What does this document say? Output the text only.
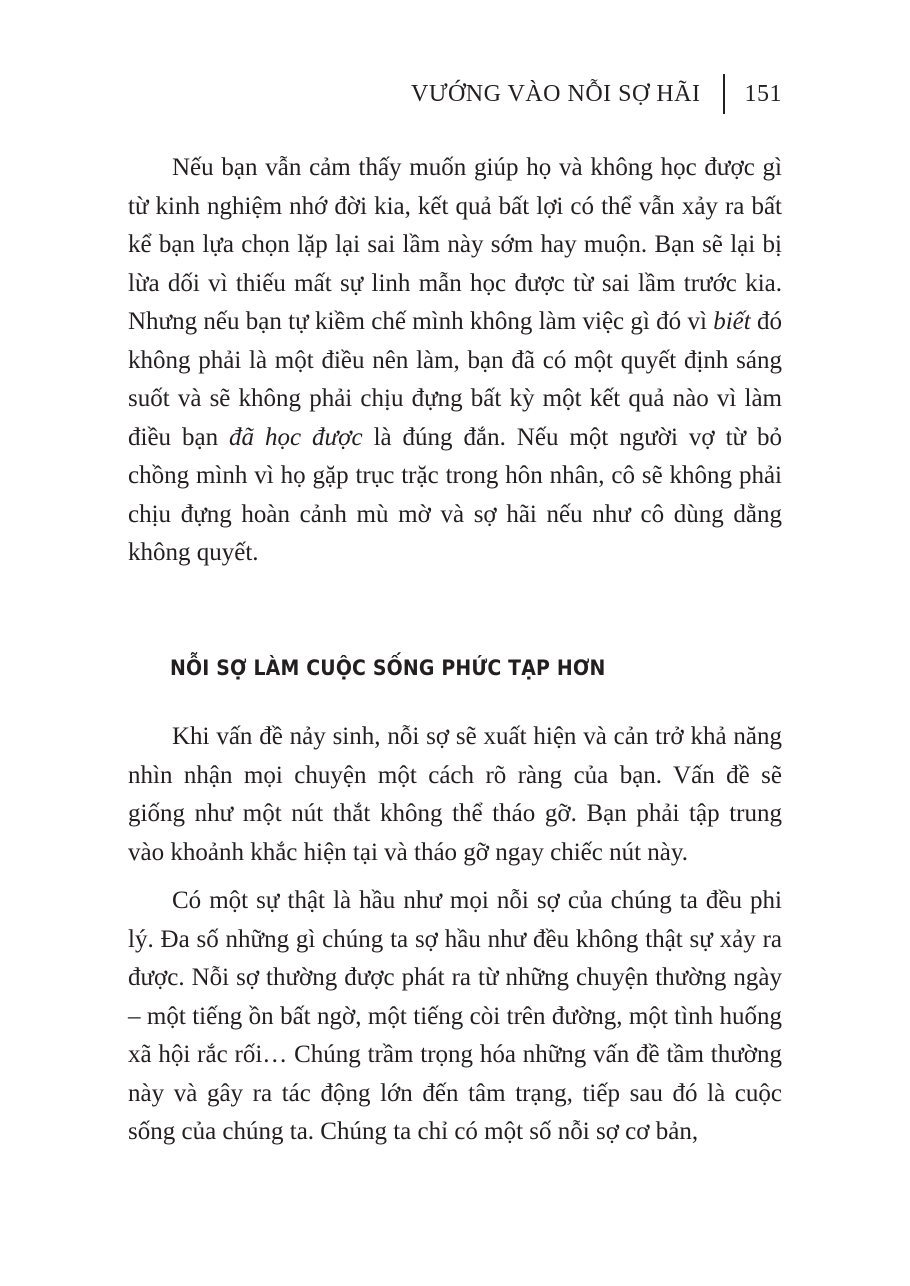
VƯỚNG VÀO NỖI SỢ HÃI	151

Nếu bạn vẫn cảm thấy muốn giúp họ và không học được gì từ kinh nghiệm nhớ đời kia, kết quả bất lợi có thể vẫn xảy ra bất kể bạn lựa chọn lặp lại sai lầm này sớm hay muộn. Bạn sẽ lại bị lừa dối vì thiếu mất sự linh mẫn học được từ sai lầm trước kia. Nhưng nếu bạn tự kiềm chế mình không làm việc gì đó vì biết đó không phải là một điều nên làm, bạn đã có một quyết định sáng suốt và sẽ không phải chịu đựng bất kỳ một kết quả nào vì làm điều bạn đã học được là đúng đắn. Nếu một người vợ từ bỏ chồng mình vì họ gặp trục trặc trong hôn nhân, cô sẽ không phải chịu đựng hoàn cảnh mù mờ và sợ hãi nếu như cô dùng dằng không quyết.

NỖI SỢ LÀM CUỘC SỐNG PHỨC TẠP HƠN

Khi vấn đề nảy sinh, nỗi sợ sẽ xuất hiện và cản trở khả năng nhìn nhận mọi chuyện một cách rõ ràng của bạn. Vấn đề sẽ giống như một nút thắt không thể tháo gỡ. Bạn phải tập trung vào khoảnh khắc hiện tại và tháo gỡ ngay chiếc nút này.

Có một sự thật là hầu như mọi nỗi sợ của chúng ta đều phi lý. Đa số những gì chúng ta sợ hầu như đều không thật sự xảy ra được. Nỗi sợ thường được phát ra từ những chuyện thường ngày – một tiếng ồn bất ngờ, một tiếng còi trên đường, một tình huống xã hội rắc rối… Chúng trầm trọng hóa những vấn đề tầm thường này và gây ra tác động lớn đến tâm trạng, tiếp sau đó là cuộc sống của chúng ta. Chúng ta chỉ có một số nỗi sợ cơ bản,
